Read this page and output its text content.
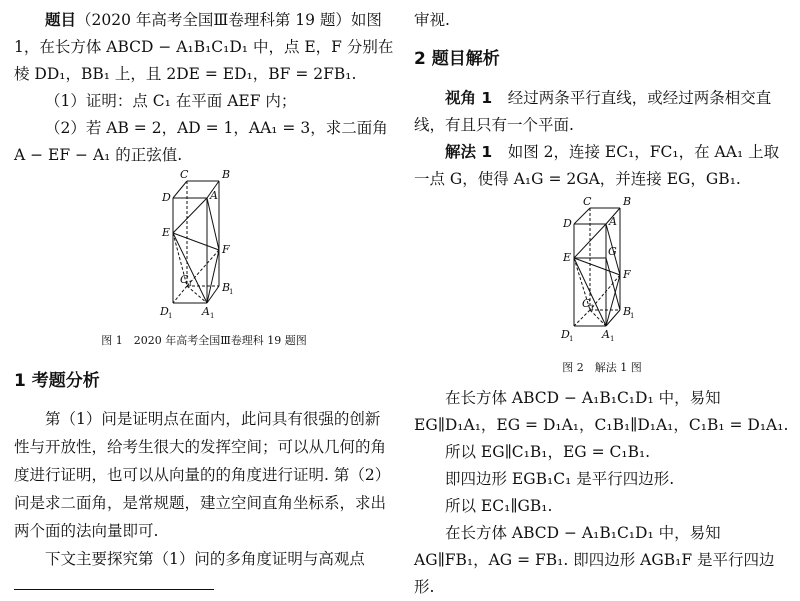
题目（2020 年高考全国Ⅲ卷理科第 19 题）如图 1，在长方体 ABCD − A₁B₁C₁D₁ 中，点 E，F 分别在棱 DD₁，BB₁ 上，且 2DE = ED₁，BF = 2FB₁.

（1）证明：点 C₁ 在平面 AEF 内；

（2）若 AB = 2，AD = 1，AA₁ = 3，求二面角 A − EF − A₁ 的正弦值.

C	B
D	A
E
F
C 1	B
1
D 1	A 1

图 1　2020 年高考全国Ⅲ卷理科 19 题图

1 考题分析

第（1）问是证明点在面内，此问具有很强的创新性与开放性，给考生很大的发挥空间；可以从几何的角度进行证明，也可以从向量的的角度进行证明. 第（2）问是求二面角，是常规题，建立空间直角坐标系，求出两个面的法向量即可.

下文主要探究第（1）问的多角度证明与高观点

审视.

2 题目解析

视角 1　 经过两条平行直线，或经过两条相交直线，有且只有一个平面.

解法 1　 如图 2，连接 EC₁，FC₁，在 AA₁ 上取一点 G，使得 A₁G = 2GA，并连接 EG，GB₁.

C	B
D	A
E	G
F
C 1	B
1
D 1	A 1

图 2　解法 1 图

在长方体 ABCD − A₁B₁C₁D₁ 中，易知 EG∥D₁A₁，EG = D₁A₁，C₁B₁∥D₁A₁，C₁B₁ = D₁A₁.

所以 EG∥C₁B₁，EG = C₁B₁.

即四边形 EGB₁C₁ 是平行四边形.

所以 EC₁∥GB₁.

在长方体 ABCD − A₁B₁C₁D₁ 中，易知 AG∥FB₁，AG = FB₁. 即四边形 AGB₁F 是平行四边形.
